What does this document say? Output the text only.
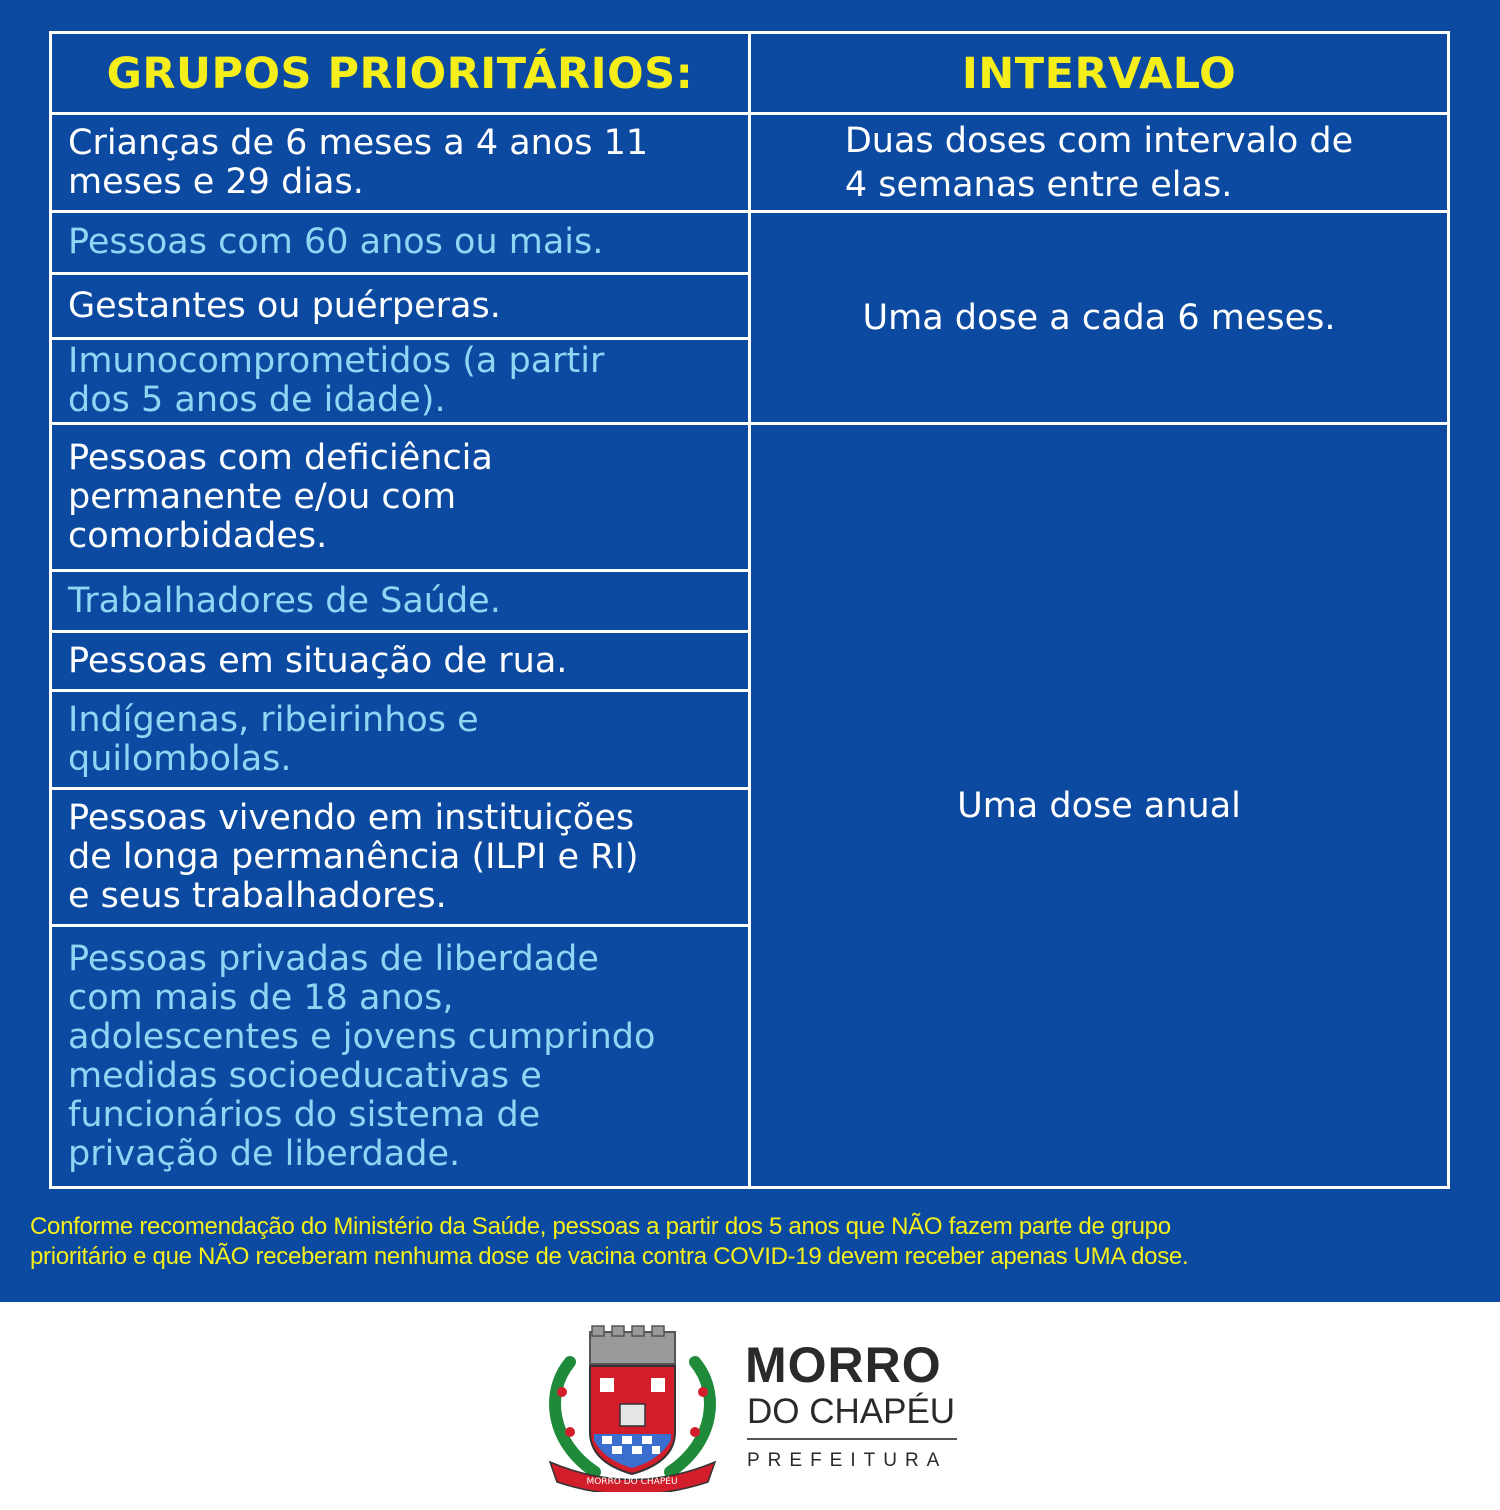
GRUPOS PRIORITÁRIOS:	INTERVALO
Crianças de 6 meses a 4 anos 11
meses e 29 dias.
Pessoas com 60 anos ou mais.
Gestantes ou puérperas.
Imunocomprometidos (a partir
dos 5 anos de idade).
Pessoas com deficiência
permanente e/ou com
comorbidades.
Trabalhadores de Saúde.
Pessoas em situação de rua.
Indígenas, ribeirinhos e
quilombolas.
Pessoas vivendo em instituições
de longa permanência (ILPI e RI)
e seus trabalhadores.
Pessoas privadas de liberdade
com mais de 18 anos,
adolescentes e jovens cumprindo
medidas socioeducativas e
funcionários do sistema de
privação de liberdade.
Duas doses com intervalo de
4 semanas entre elas.
Uma dose a cada 6 meses.
Uma dose anual
Conforme recomendação do Ministério da Saúde, pessoas a partir dos 5 anos que NÃO fazem parte de grupo
prioritário e que NÃO receberam nenhuma dose de vacina contra COVID-19 devem receber apenas UMA dose.
MORRO DO CHAPÉU
MORRO
DO CHAPÉU
PREFEITURA
